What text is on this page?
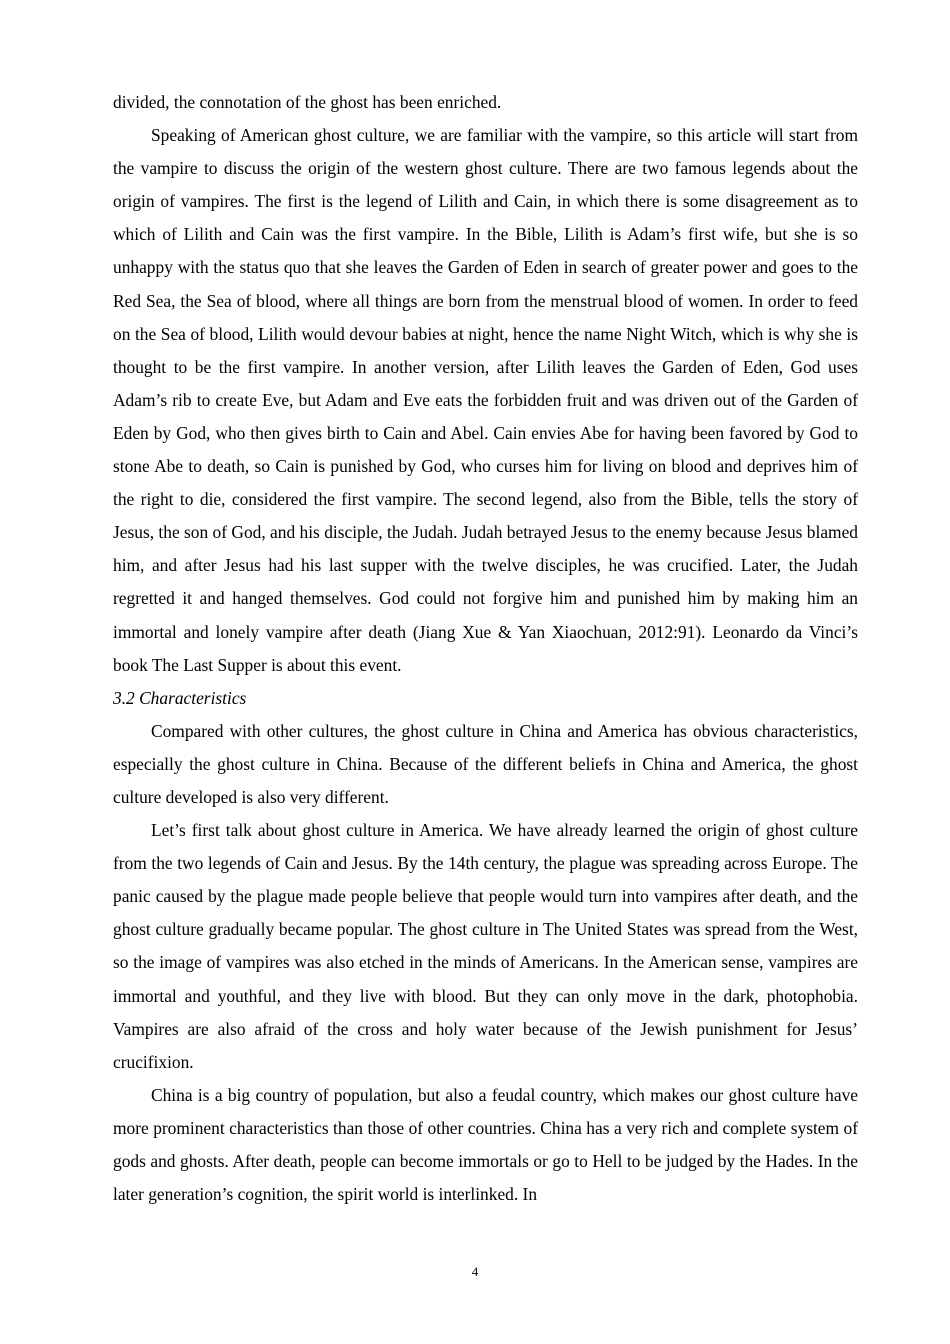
divided, the connotation of the ghost has been enriched.

Speaking of American ghost culture, we are familiar with the vampire, so this article will start from the vampire to discuss the origin of the western ghost culture. There are two famous legends about the origin of vampires. The first is the legend of Lilith and Cain, in which there is some disagreement as to which of Lilith and Cain was the first vampire. In the Bible, Lilith is Adam’s first wife, but she is so unhappy with the status quo that she leaves the Garden of Eden in search of greater power and goes to the Red Sea, the Sea of blood, where all things are born from the menstrual blood of women. In order to feed on the Sea of blood, Lilith would devour babies at night, hence the name Night Witch, which is why she is thought to be the first vampire. In another version, after Lilith leaves the Garden of Eden, God uses Adam’s rib to create Eve, but Adam and Eve eats the forbidden fruit and was driven out of the Garden of Eden by God, who then gives birth to Cain and Abel. Cain envies Abe for having been favored by God to stone Abe to death, so Cain is punished by God, who curses him for living on blood and deprives him of the right to die, considered the first vampire. The second legend, also from the Bible, tells the story of Jesus, the son of God, and his disciple, the Judah. Judah betrayed Jesus to the enemy because Jesus blamed him, and after Jesus had his last supper with the twelve disciples, he was crucified. Later, the Judah regretted it and hanged themselves. God could not forgive him and punished him by making him an immortal and lonely vampire after death (Jiang Xue & Yan Xiaochuan, 2012:91). Leonardo da Vinci’s book The Last Supper is about this event.

3.2 Characteristics

Compared with other cultures, the ghost culture in China and America has obvious characteristics, especially the ghost culture in China. Because of the different beliefs in China and America, the ghost culture developed is also very different.

Let’s first talk about ghost culture in America. We have already learned the origin of ghost culture from the two legends of Cain and Jesus. By the 14th century, the plague was spreading across Europe. The panic caused by the plague made people believe that people would turn into vampires after death, and the ghost culture gradually became popular. The ghost culture in The United States was spread from the West, so the image of vampires was also etched in the minds of Americans. In the American sense, vampires are immortal and youthful, and they live with blood. But they can only move in the dark, photophobia. Vampires are also afraid of the cross and holy water because of the Jewish punishment for Jesus’ crucifixion.

China is a big country of population, but also a feudal country, which makes our ghost culture have more prominent characteristics than those of other countries. China has a very rich and complete system of gods and ghosts. After death, people can become immortals or go to Hell to be judged by the Hades. In the later generation’s cognition, the spirit world is interlinked. In

4
